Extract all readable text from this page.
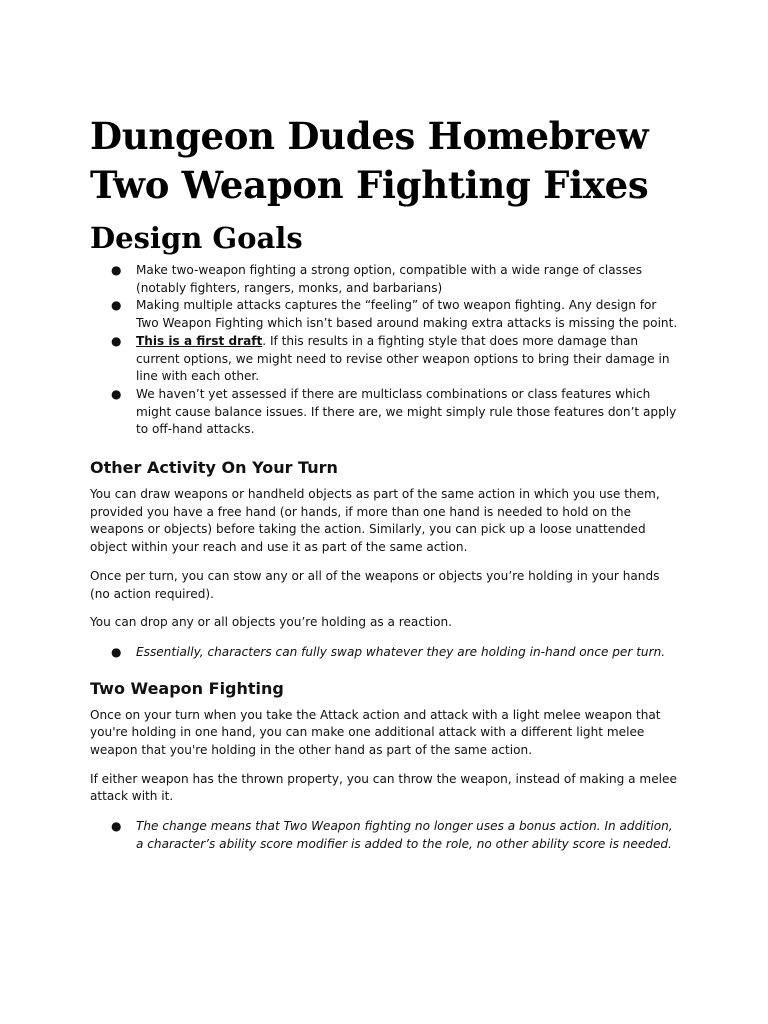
Dungeon Dudes Homebrew
Two Weapon Fighting Fixes
Design Goals
● Make two-weapon fighting a strong option, compatible with a wide range of classes (notably fighters, rangers, monks, and barbarians)
● Making multiple attacks captures the “feeling” of two weapon fighting. Any design for Two Weapon Fighting which isn’t based around making extra attacks is missing the point.
● This is a first draft. If this results in a fighting style that does more damage than current options, we might need to revise other weapon options to bring their damage in line with each other.
● We haven’t yet assessed if there are multiclass combinations or class features which might cause balance issues. If there are, we might simply rule those features don’t apply to off-hand attacks.
Other Activity On Your Turn

You can draw weapons or handheld objects as part of the same action in which you use them, provided you have a free hand (or hands, if more than one hand is needed to hold on the weapons or objects) before taking the action. Similarly, you can pick up a loose unattended object within your reach and use it as part of the same action.

Once per turn, you can stow any or all of the weapons or objects you’re holding in your hands (no action required).

You can drop any or all objects you’re holding as a reaction.

● Essentially, characters can fully swap whatever they are holding in-hand once per turn.
Two Weapon Fighting

Once on your turn when you take the Attack action and attack with a light melee weapon that you're holding in one hand, you can make one additional attack with a different light melee weapon that you're holding in the other hand as part of the same action.

If either weapon has the thrown property, you can throw the weapon, instead of making a melee attack with it.

● The change means that Two Weapon fighting no longer uses a bonus action. In addition, a character’s ability score modifier is added to the role, no other ability score is needed.
